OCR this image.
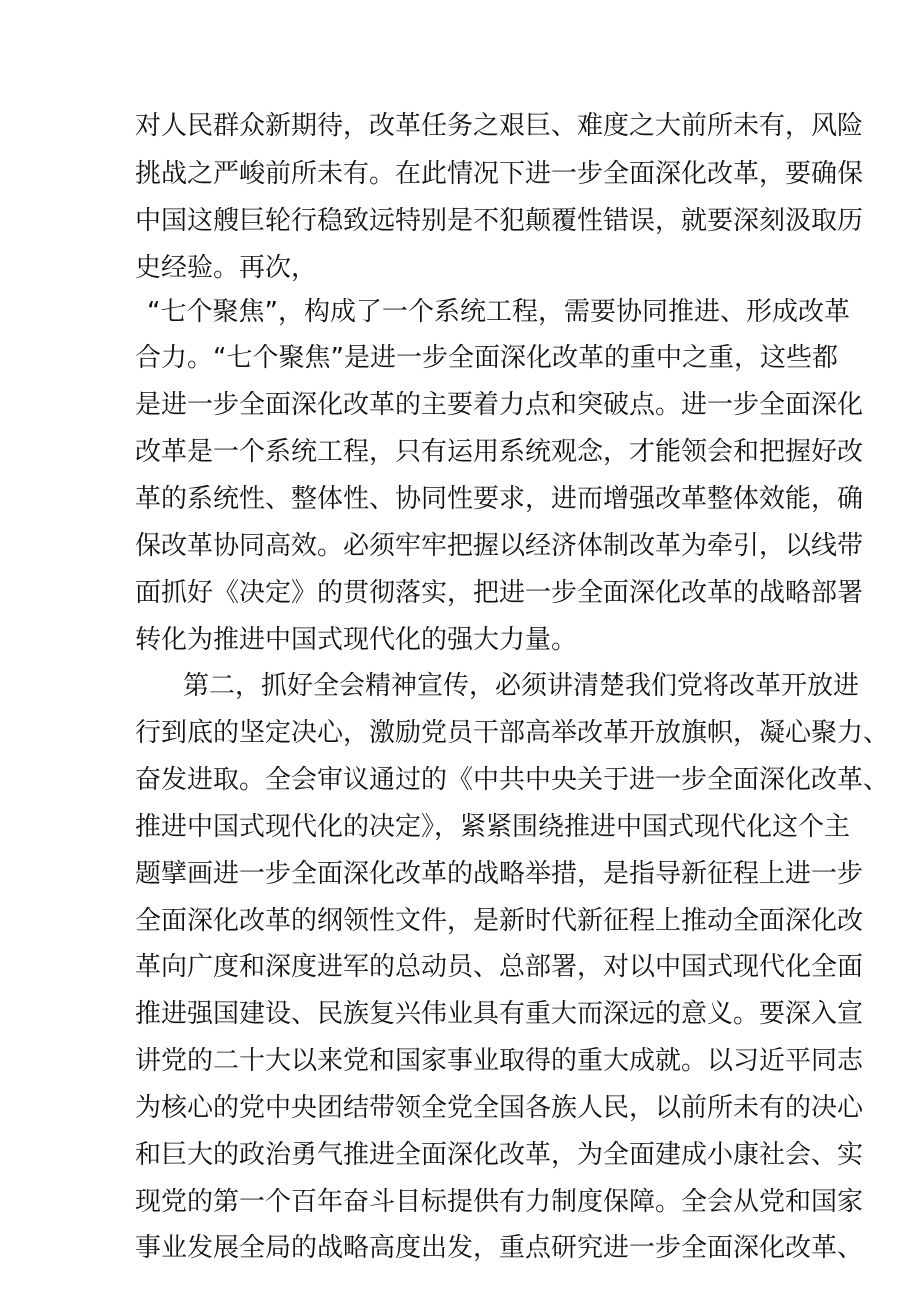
对人民群众新期待，改革任务之艰巨、难度之大前所未有，风险
挑战之严峻前所未有。在此情况下进一步全面深化改革，要确保
中国这艘巨轮行稳致远特别是不犯颠覆性错误，就要深刻汲取历
史经验。再次，
“七个聚焦”，构成了一个系统工程，需要协同推进、形成改革
合力。“七个聚焦”是进一步全面深化改革的重中之重，这些都
是进一步全面深化改革的主要着力点和突破点。进一步全面深化
改革是一个系统工程，只有运用系统观念，才能领会和把握好改
革的系统性、整体性、协同性要求，进而增强改革整体效能，确
保改革协同高效。必须牢牢把握以经济体制改革为牵引，以线带
面抓好《决定》的贯彻落实，把进一步全面深化改革的战略部署
转化为推进中国式现代化的强大力量。
第二，抓好全会精神宣传，必须讲清楚我们党将改革开放进
行到底的坚定决心，激励党员干部高举改革开放旗帜，凝心聚力、
奋发进取。全会审议通过的《中共中央关于进一步全面深化改革、
推进中国式现代化的决定》，紧紧围绕推进中国式现代化这个主
题擘画进一步全面深化改革的战略举措，是指导新征程上进一步
全面深化改革的纲领性文件，是新时代新征程上推动全面深化改
革向广度和深度进军的总动员、总部署，对以中国式现代化全面
推进强国建设、民族复兴伟业具有重大而深远的意义。要深入宣
讲党的二十大以来党和国家事业取得的重大成就。以习近平同志
为核心的党中央团结带领全党全国各族人民，以前所未有的决心
和巨大的政治勇气推进全面深化改革，为全面建成小康社会、实
现党的第一个百年奋斗目标提供有力制度保障。全会从党和国家
事业发展全局的战略高度出发，重点研究进一步全面深化改革、
